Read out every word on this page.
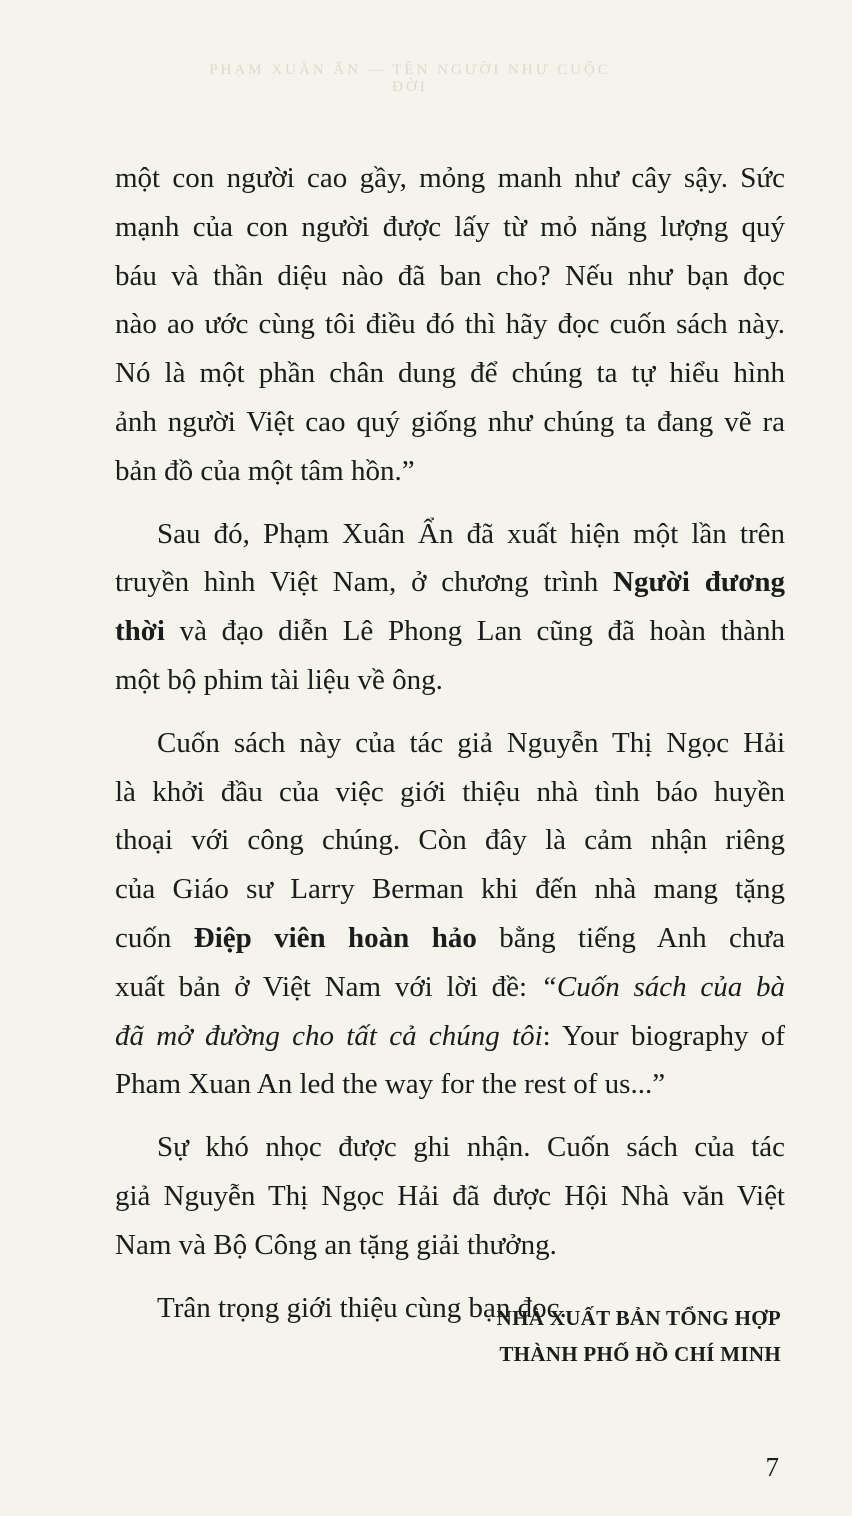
PHẠM XUÂN ẨN — TÊN NGƯỜI NHƯ CUỘC ĐỜI
một con người cao gầy, mỏng manh như cây sậy. Sức
mạnh của con người được lấy từ mỏ năng lượng quý
báu và thần diệu nào đã ban cho? Nếu như bạn đọc
nào ao ước cùng tôi điều đó thì hãy đọc cuốn sách này.
Nó là một phần chân dung để chúng ta tự hiểu hình
ảnh người Việt cao quý giống như chúng ta đang vẽ ra
bản đồ của một tâm hồn.”
Sau đó, Phạm Xuân Ẩn đã xuất hiện một lần trên
truyền hình Việt Nam, ở chương trình Người đương
thời và đạo diễn Lê Phong Lan cũng đã hoàn thành
một bộ phim tài liệu về ông.
Cuốn sách này của tác giả Nguyễn Thị Ngọc Hải
là khởi đầu của việc giới thiệu nhà tình báo huyền
thoại với công chúng. Còn đây là cảm nhận riêng
của Giáo sư Larry Berman khi đến nhà mang tặng
cuốn Điệp viên hoàn hảo bằng tiếng Anh chưa
xuất bản ở Việt Nam với lời đề: “Cuốn sách của bà
đã mở đường cho tất cả chúng tôi: Your biography of
Pham Xuan An led the way for the rest of us...”
Sự khó nhọc được ghi nhận. Cuốn sách của tác
giả Nguyễn Thị Ngọc Hải đã được Hội Nhà văn Việt
Nam và Bộ Công an tặng giải thưởng.
Trân trọng giới thiệu cùng bạn đọc.
NHÀ XUẤT BẢN TỔNG HỢP
THÀNH PHỐ HỒ CHÍ MINH
7
